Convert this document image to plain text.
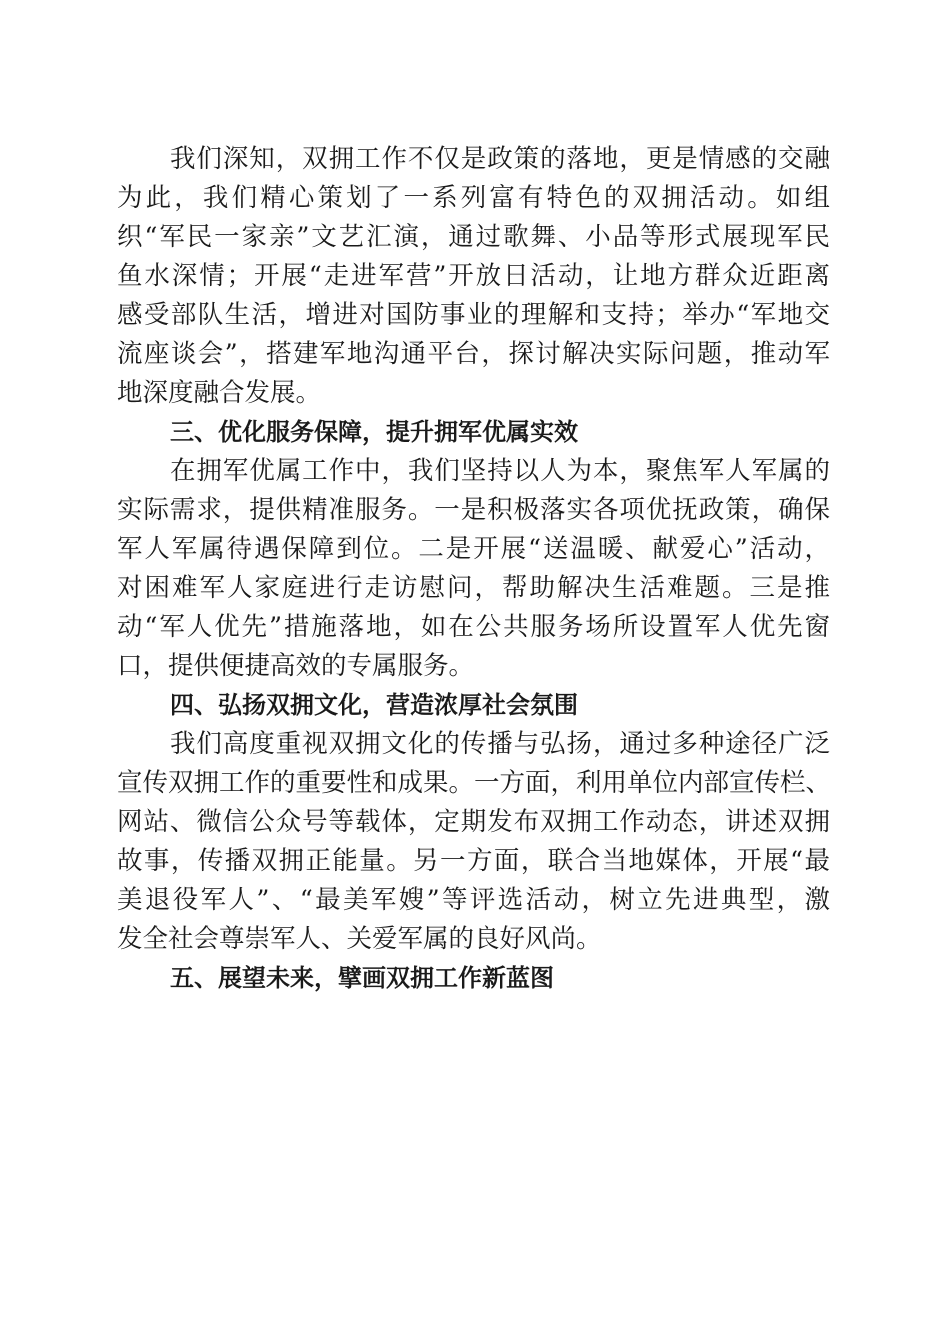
我们深知，双拥工作不仅是政策的落地，更是情感的交融
为此，我们精心策划了一系列富有特色的双拥活动。如组
织“军民一家亲”文艺汇演，通过歌舞、小品等形式展现军民
鱼水深情；开展“走进军营”开放日活动，让地方群众近距离
感受部队生活，增进对国防事业的理解和支持；举办“军地交
流座谈会”，搭建军地沟通平台，探讨解决实际问题，推动军
地深度融合发展。
三、优化服务保障，提升拥军优属实效
在拥军优属工作中，我们坚持以人为本，聚焦军人军属的
实际需求，提供精准服务。一是积极落实各项优抚政策，确保
军人军属待遇保障到位。二是开展“送温暖、献爱心”活动，
对困难军人家庭进行走访慰问，帮助解决生活难题。三是推
动“军人优先”措施落地，如在公共服务场所设置军人优先窗
口，提供便捷高效的专属服务。
四、弘扬双拥文化，营造浓厚社会氛围
我们高度重视双拥文化的传播与弘扬，通过多种途径广泛
宣传双拥工作的重要性和成果。一方面，利用单位内部宣传栏、
网站、微信公众号等载体，定期发布双拥工作动态，讲述双拥
故事，传播双拥正能量。另一方面，联合当地媒体，开展“最
美退役军人”、“最美军嫂”等评选活动，树立先进典型，激
发全社会尊崇军人、关爱军属的良好风尚。
五、展望未来，擘画双拥工作新蓝图
